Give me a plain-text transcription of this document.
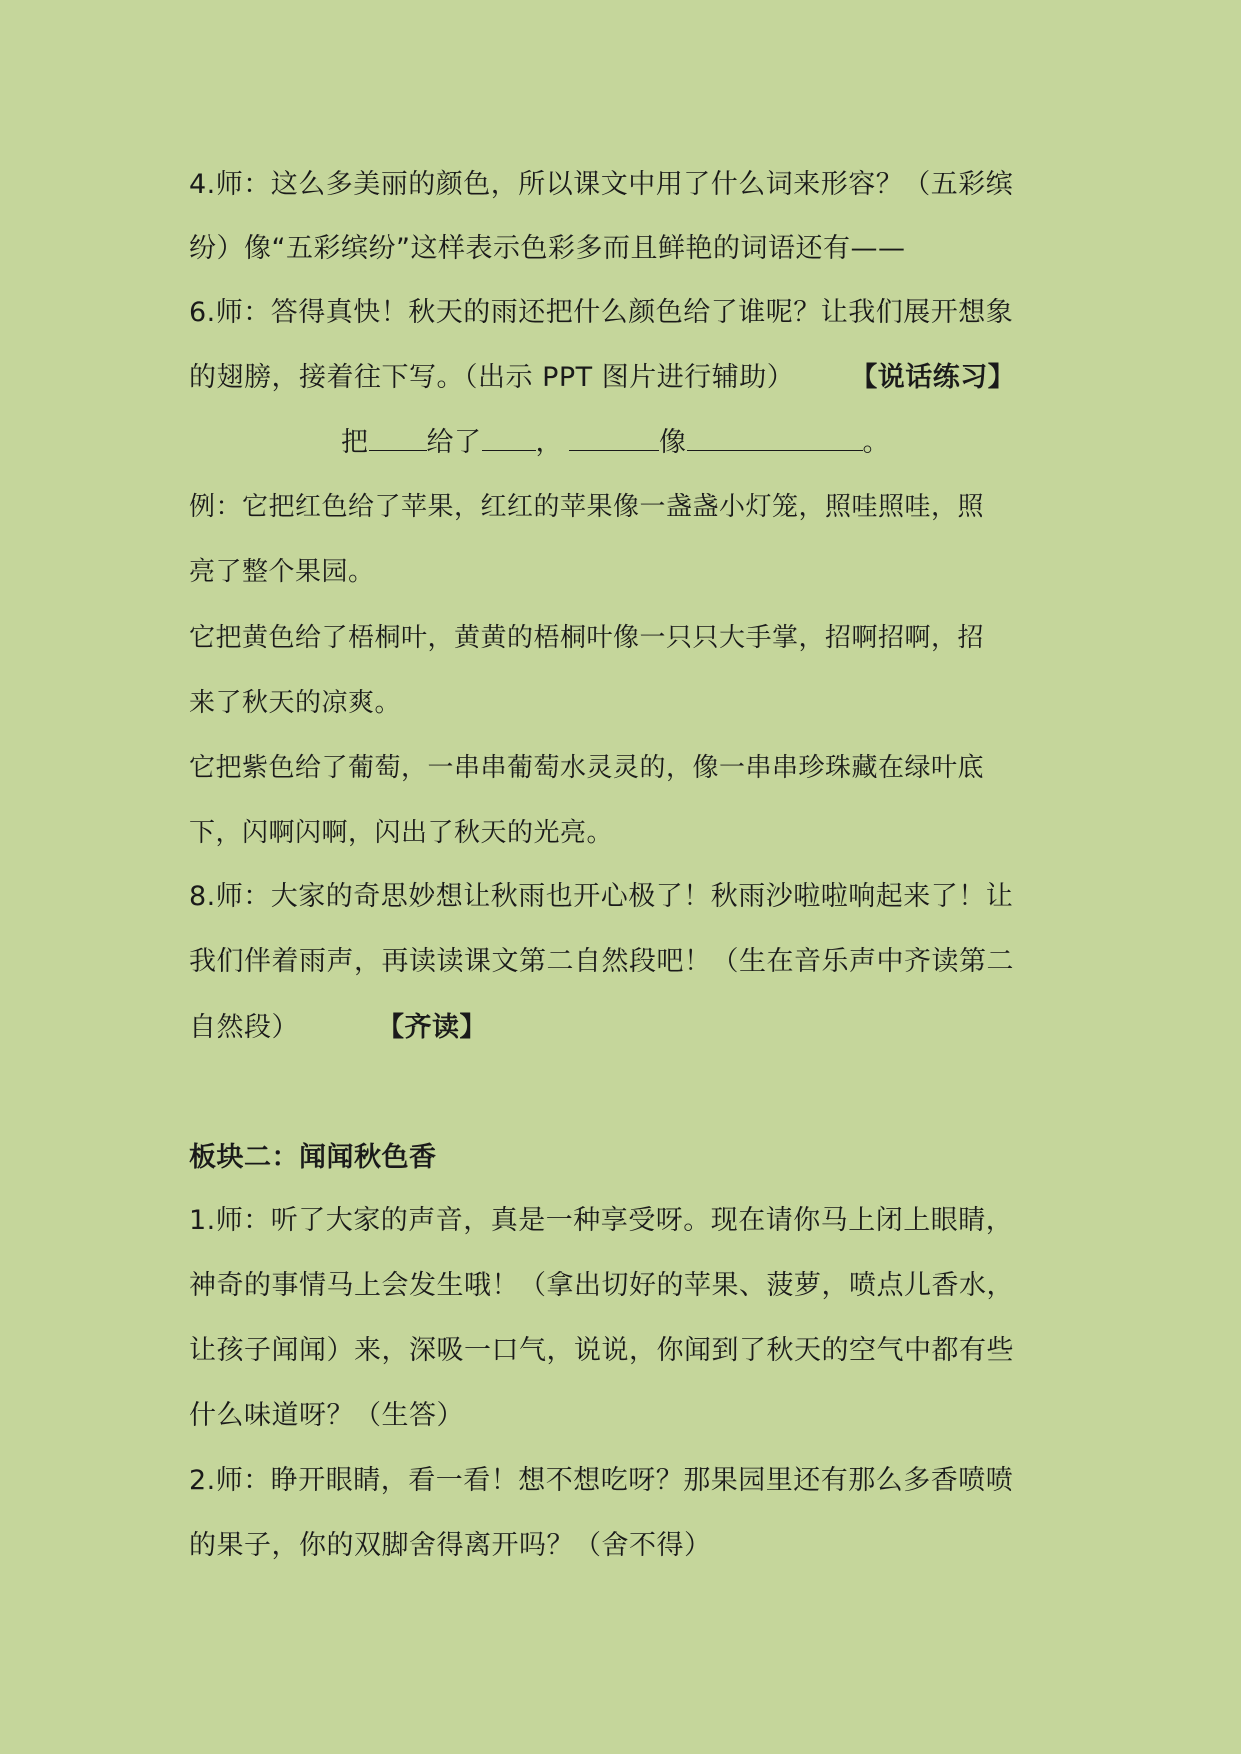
4.师：这么多美丽的颜色，所以课文中用了什么词来形容？（五彩缤
纷）像“五彩缤纷”这样表示色彩多而且鲜艳的词语还有——
6.师：答得真快！秋天的雨还把什么颜色给了谁呢？让我们展开想象
的翅膀，接着往下写。（出示 PPT 图片进行辅助） 【说话练习】
把 给了 ，	像	。
例：它把红色给了苹果，红红的苹果像一盏盏小灯笼，照哇照哇，照
亮了整个果园。
它把黄色给了梧桐叶，黄黄的梧桐叶像一只只大手掌，招啊招啊，招
来了秋天的凉爽。
它把紫色给了葡萄，一串串葡萄水灵灵的，像一串串珍珠藏在绿叶底
下，闪啊闪啊，闪出了秋天的光亮。
8.师：大家的奇思妙想让秋雨也开心极了！秋雨沙啦啦响起来了！让
我们伴着雨声，再读读课文第二自然段吧！（生在音乐声中齐读第二
自然段）	【齐读】
板块二：闻闻秋色香
1.师：听了大家的声音，真是一种享受呀。现在请你马上闭上眼睛，
神奇的事情马上会发生哦！（拿出切好的苹果、菠萝，喷点儿香水，
让孩子闻闻）来，深吸一口气，说说，你闻到了秋天的空气中都有些
什么味道呀？（生答）
2.师：睁开眼睛，看一看！想不想吃呀？那果园里还有那么多香喷喷
的果子，你的双脚舍得离开吗？（舍不得）
